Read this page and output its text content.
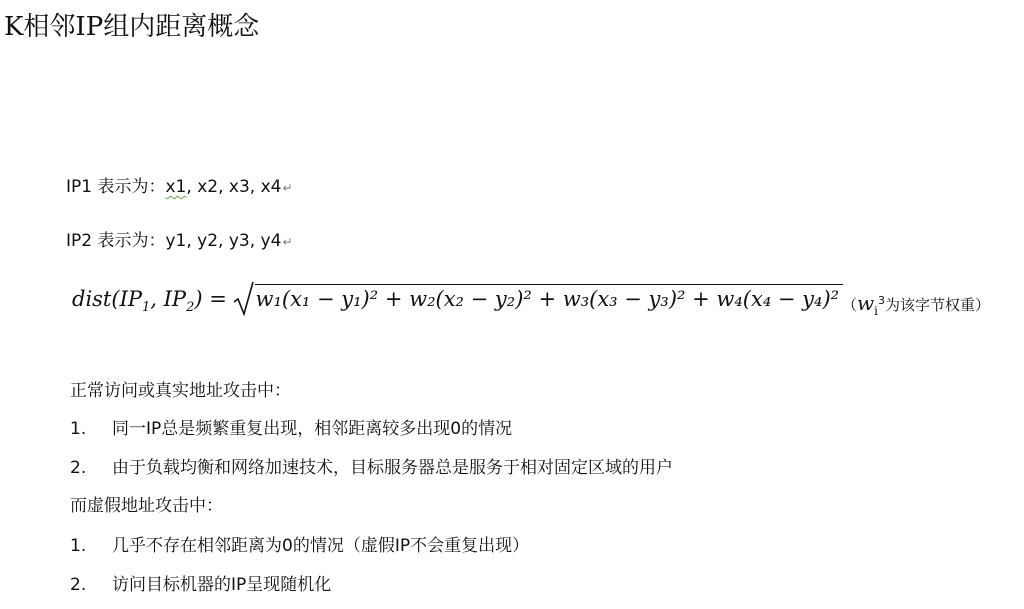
K相邻IP组内距离概念
IP1 表示为：x1, x2, x3, x4↵
IP2 表示为：y1, y2, y3, y4↵
$dist(IP_1$, $IP_2) = w_1(x_1 - y_1)^2 + w_2(x_2 - y_2)^2 + w_3(x_3 - y_3)^2 + w_4(x_4 - y_4)^2$ （$w_i^3$为该字节权重）
正常访问或真实地址攻击中：
1. 同一IP总是频繁重复出现，相邻距离较多出现0的情况
2. 由于负载均衡和网络加速技术，目标服务器总是服务于相对固定区域的用户
而虚假地址攻击中：
1. 几乎不存在相邻距离为0的情况（虚假IP不会重复出现）
2. 访问目标机器的IP呈现随机化
